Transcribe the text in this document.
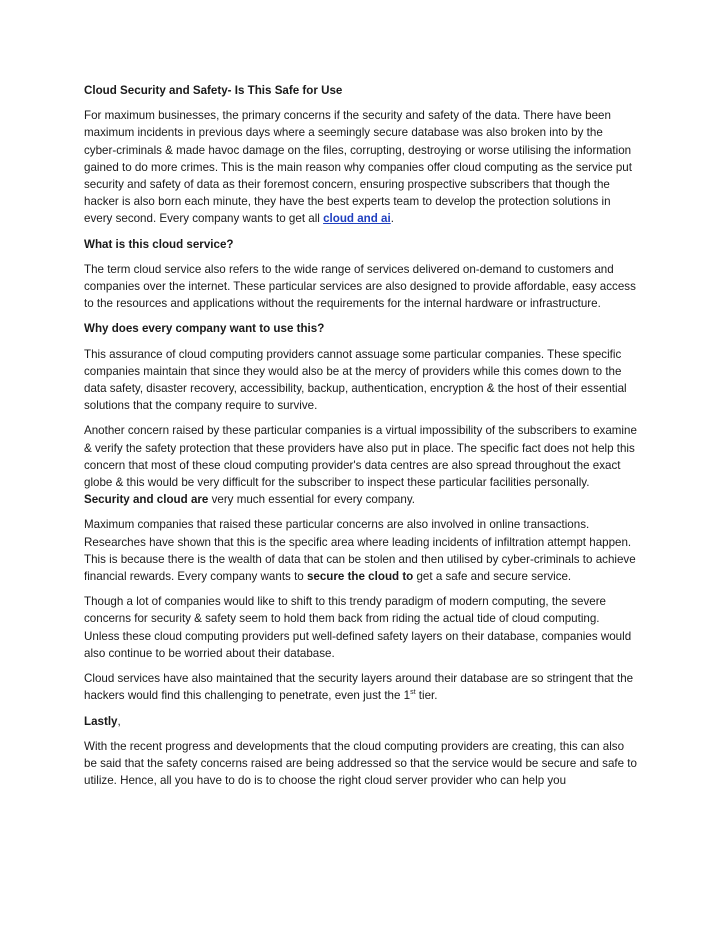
Cloud Security and Safety- Is This Safe for Use

For maximum businesses, the primary concerns if the security and safety of the data. There have been maximum incidents in previous days where a seemingly secure database was also broken into by the cyber-criminals & made havoc damage on the files, corrupting, destroying or worse utilising the information gained to do more crimes. This is the main reason why companies offer cloud computing as the service put security and safety of data as their foremost concern, ensuring prospective subscribers that though the hacker is also born each minute, they have the best experts team to develop the protection solutions in every second. Every company wants to get all cloud and ai.

What is this cloud service?

The term cloud service also refers to the wide range of services delivered on-demand to customers and companies over the internet. These particular services are also designed to provide affordable, easy access to the resources and applications without the requirements for the internal hardware or infrastructure.

Why does every company want to use this?

This assurance of cloud computing providers cannot assuage some particular companies. These specific companies maintain that since they would also be at the mercy of providers while this comes down to the data safety, disaster recovery, accessibility, backup, authentication, encryption & the host of their essential solutions that the company require to survive.

Another concern raised by these particular companies is a virtual impossibility of the subscribers to examine & verify the safety protection that these providers have also put in place. The specific fact does not help this concern that most of these cloud computing provider's data centres are also spread throughout the exact globe & this would be very difficult for the subscriber to inspect these particular facilities personally. Security and cloud are very much essential for every company.

Maximum companies that raised these particular concerns are also involved in online transactions. Researches have shown that this is the specific area where leading incidents of infiltration attempt happen. This is because there is the wealth of data that can be stolen and then utilised by cyber-criminals to achieve financial rewards. Every company wants to secure the cloud to get a safe and secure service.

Though a lot of companies would like to shift to this trendy paradigm of modern computing, the severe concerns for security & safety seem to hold them back from riding the actual tide of cloud computing. Unless these cloud computing providers put well-defined safety layers on their database, companies would also continue to be worried about their database.

Cloud services have also maintained that the security layers around their database are so stringent that the hackers would find this challenging to penetrate, even just the 1st tier.

Lastly,

With the recent progress and developments that the cloud computing providers are creating, this can also be said that the safety concerns raised are being addressed so that the service would be secure and safe to utilize. Hence, all you have to do is to choose the right cloud server provider who can help you
